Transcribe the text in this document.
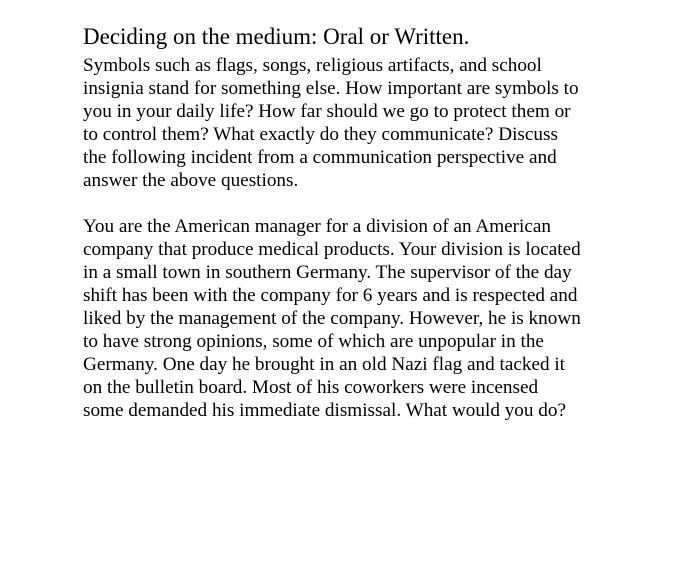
Deciding on the medium: Oral or Written.
Symbols such as flags, songs, religious artifacts, and school
insignia stand for something else. How important are symbols to
you in your daily life? How far should we go to protect them or
to control them? What exactly do they communicate? Discuss
the following incident from a communication perspective and
answer the above questions.
You are the American manager for a division of an American
company that produce medical products. Your division is located
in a small town in southern Germany. The supervisor of the day
shift has been with the company for 6 years and is respected and
liked by the management of the company. However, he is known
to have strong opinions, some of which are unpopular in the
Germany. One day he brought in an old Nazi flag and tacked it
on the bulletin board. Most of his coworkers were incensed
some demanded his immediate dismissal. What would you do?
